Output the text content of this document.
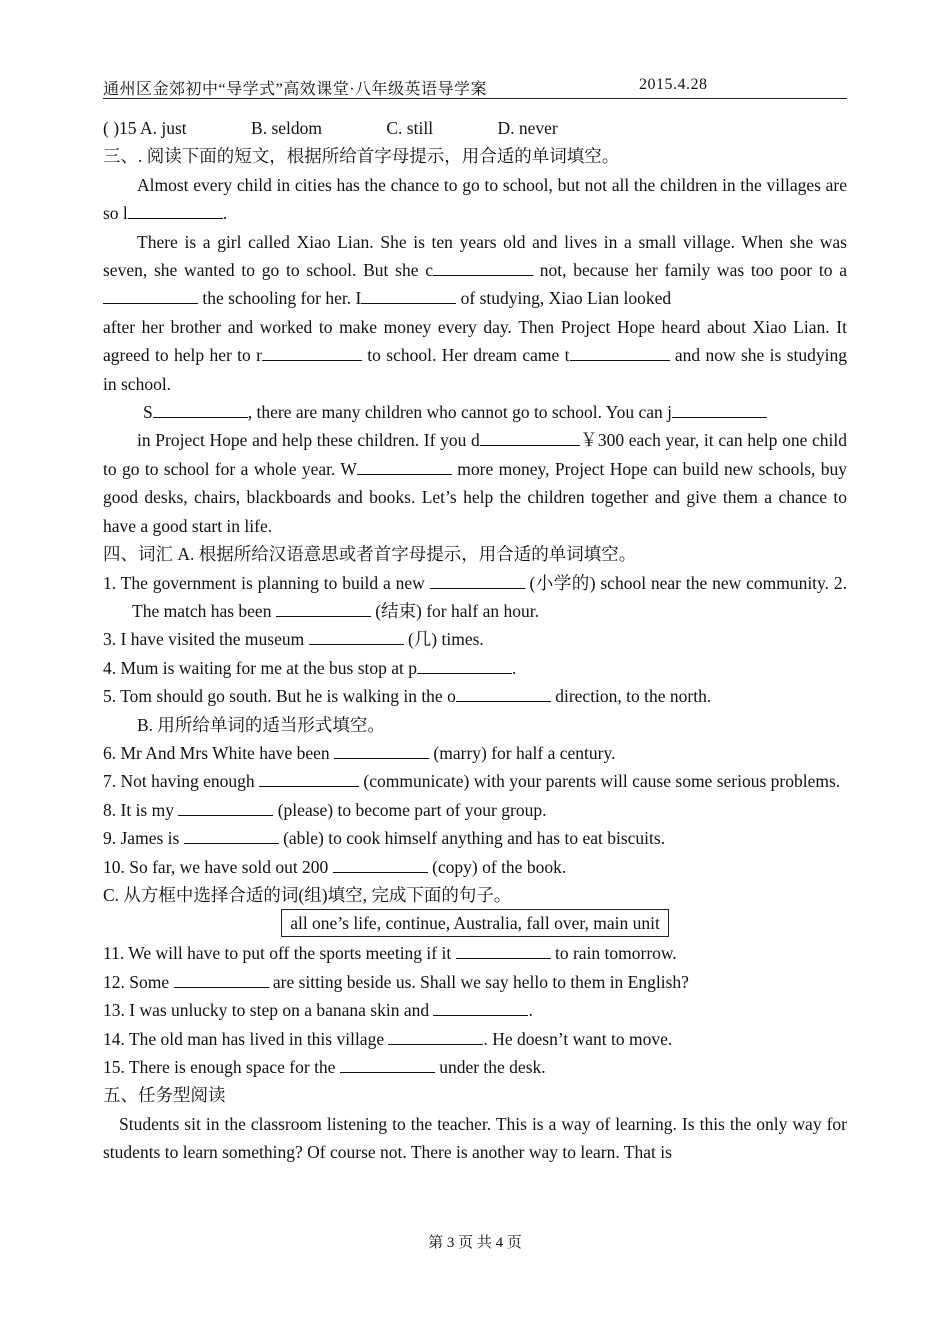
通州区金郊初中“导学式”高效课堂·八年级英语导学案	2015.4.28

( )15 A. just	B. seldom	C. still	D. never

三、. 阅读下面的短文，根据所给首字母提示，用合适的单词填空。

Almost every child in cities has the chance to go to school, but not all the children in the villages are so l	.

There is a girl called Xiao Lian. She is ten years old and lives in a small village. When she was seven, she wanted to go to school. But she c	not, because her family was too poor to a the schooling for her. I	of studying, Xiao Lian looked

after her brother and worked to make money every day. Then Project Hope heard about Xiao Lian. It agreed to help her to r	to school. Her dream came t	and now she is studying in school.

S	, there are many children who cannot go to school. You can j

in Project Hope and help these children. If you d	￥300 each year, it can help one child to go to school for a whole year. W	more money, Project Hope can build new schools, buy good desks, chairs, blackboards and books. Let’s help the children together and give them a chance to have a good start in life.

四、词汇 A. 根据所给汉语意思或者首字母提示，用合适的单词填空。

1. The government is planning to build a new	(小学的) school near the new community. 2. The match has been	(结束) for half an hour.

3. I have visited the museum	(几) times.

4. Mum is waiting for me at the bus stop at p	.

5. Tom should go south. But he is walking in the o	direction, to the north.

B. 用所给单词的适当形式填空。

6. Mr And Mrs White have been	(marry) for half a century.

7. Not having enough	(communicate) with your parents will cause some serious problems.

8. It is my	(please) to become part of your group.

9. James is	(able) to cook himself anything and has to eat biscuits.

10. So far, we have sold out 200	(copy) of the book.

C. 从方框中选择合适的词(组)填空, 完成下面的句子。

all one’s life, continue, Australia, fall over, main unit

11. We will have to put off the sports meeting if it	to rain tomorrow.

12. Some	are sitting beside us. Shall we say hello to them in English?

13. I was unlucky to step on a banana skin and	.

14. The old man has lived in this village	. He doesn’t want to move.

15. There is enough space for the	under the desk.

五、任务型阅读

Students sit in the classroom listening to the teacher. This is a way of learning. Is this the only way for students to learn something? Of course not. There is another way to learn. That is

第 3 页 共 4 页
